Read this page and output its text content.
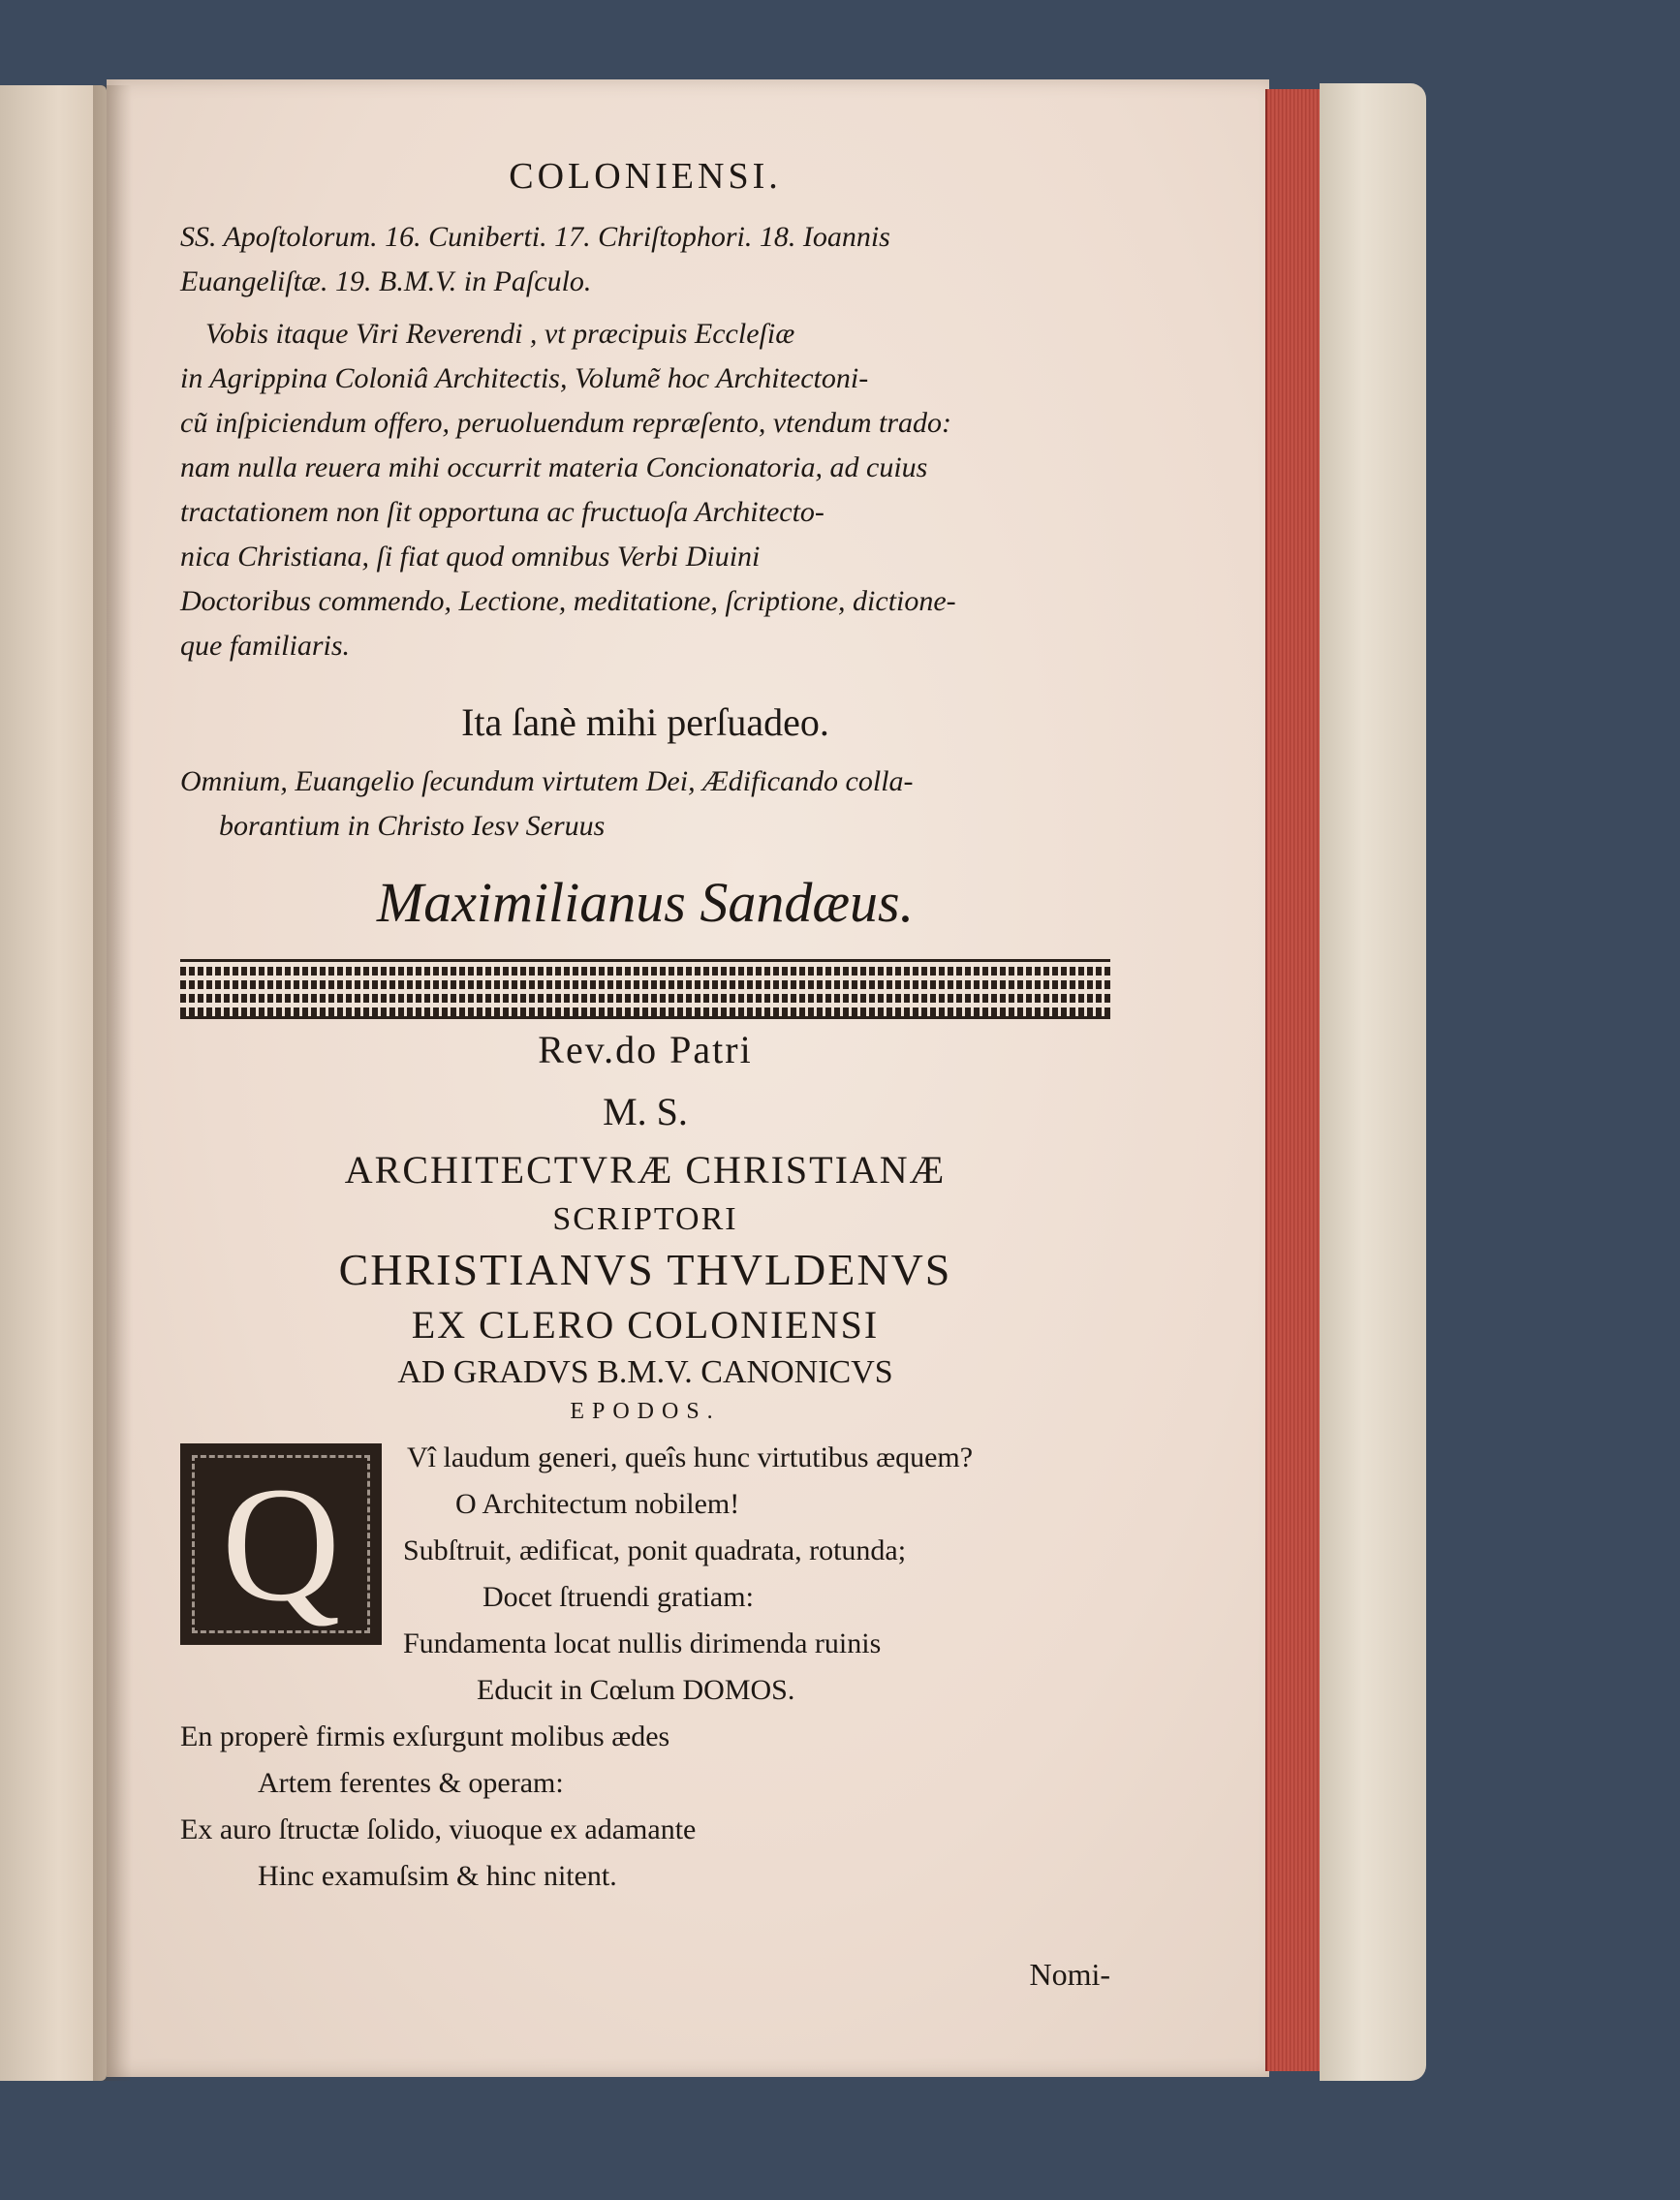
COLONIENSI.
SS. Apoſtolorum. 16. Cuniberti. 17. Chriſtophori. 18. Ioannis
Euangeliſtæ. 19. B.M.V. in Paſculo.
Vobis itaque Viri Reverendi , vt præcipuis Eccleſiæ
in Agrippina Coloniâ Architectis, Volumẽ hoc Architectoni-
cũ inſpiciendum offero, peruoluendum repræſento, vtendum trado:
nam nulla reuera mihi occurrit materia Concionatoria, ad cuius
tractationem non ſit opportuna ac fructuoſa Architecto-
nica Christiana, ſi fiat quod omnibus Verbi Diuini
Doctoribus commendo, Lectione, meditatione, ſcriptione, dictione-
que familiaris.
Ita ſanè mihi perſuadeo.
Omnium, Euangelio ſecundum virtutem Dei, Ædificando colla-
borantium in Christo Iesv Seruus
Maximilianus Sandæus.
Rev.do Patri
M. S.
ARCHITECTVRÆ CHRISTIANÆ
SCRIPTORI
CHRISTIANVS THVLDENVS
EX CLERO COLONIENSI
AD GRADVS B.M.V. CANONICVS
EPODOS.
Q	Vî laudum generi, queîs hunc virtutibus æquem?
O Architectum nobilem!
Subſtruit, ædificat, ponit quadrata, rotunda;
Docet ſtruendi gratiam:
Fundamenta locat nullis dirimenda ruinis
Educit in Cœlum DOMOS.
En properè firmis exſurgunt molibus ædes
Artem ferentes & operam:
Ex auro ſtructæ ſolido, viuoque ex adamante
Hinc examuſsim & hinc nitent.
Nomi-
